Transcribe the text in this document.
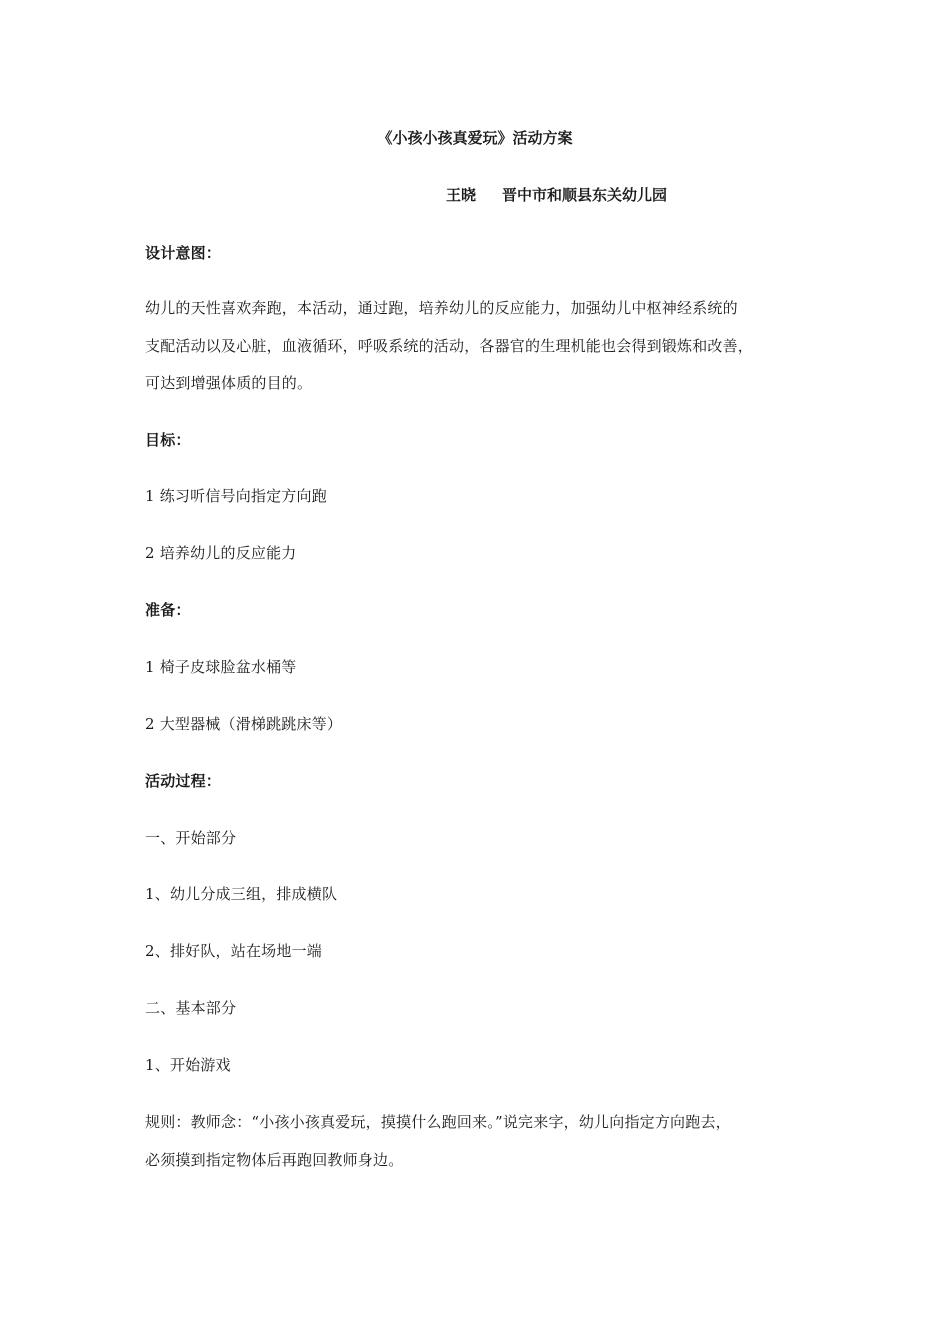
《小孩小孩真爱玩》活动方案
王晓 晋中市和顺县东关幼儿园
设计意图：
幼儿的天性喜欢奔跑，本活动，通过跑，培养幼儿的反应能力，加强幼儿中枢神经系统的
支配活动以及心脏，血液循环，呼吸系统的活动，各器官的生理机能也会得到锻炼和改善，
可达到增强体质的目的。
目标：
1 练习听信号向指定方向跑
2 培养幼儿的反应能力
准备：
1 椅子皮球脸盆水桶等
2 大型器械（滑梯跳跳床等）
活动过程：
一、开始部分
1、幼儿分成三组，排成横队
2、排好队，站在场地一端
二、基本部分
1、开始游戏
规则：教师念：“小孩小孩真爱玩，摸摸什么跑回来。”说完来字，幼儿向指定方向跑去，
必须摸到指定物体后再跑回教师身边。
